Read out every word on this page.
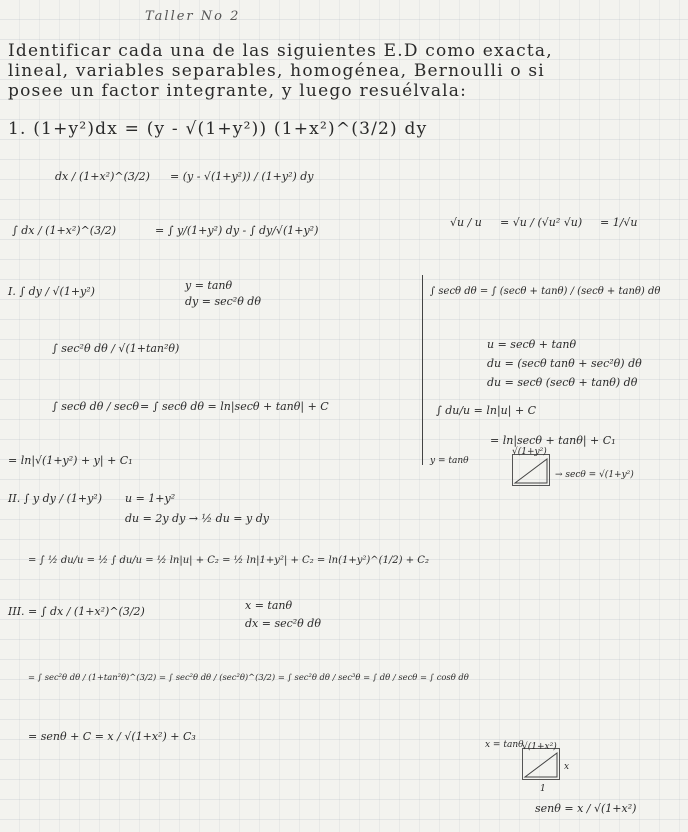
Taller No 2
Identificar cada una de las siguientes E.D como exacta,
lineal, variables separables, homogénea, Bernoulli o si
posee un factor integrante, y luego resuélvala:
1. (1+y²)dx = (y - √(1+y²)) (1+x²)^(3/2) dy
dx / (1+x²)^(3/2) = (y - √(1+y²)) / (1+y²) dy
∫ dx / (1+x²)^(3/2)	= ∫ y/(1+y²) dy - ∫ dy/√(1+y²)
√u / u = √u / (√u² √u) = 1/√u
I. ∫ dy / √(1+y²)	y = tanθ
dy = sec²θ dθ
∫ sec²θ dθ / √(1+tan²θ)
∫ secθ dθ / secθ = ∫ secθ dθ = ln|secθ + tanθ| + C
= ln|√(1+y²) + y| + C₁
∫ secθ dθ = ∫ (secθ + tanθ) / (secθ + tanθ) dθ
u = secθ + tanθ
du = (secθ tanθ + sec²θ) dθ
du = secθ (secθ + tanθ) dθ
∫ du/u = ln|u| + C
= ln|secθ + tanθ| + C₁
y = tanθ
√(1+y²)
→ secθ = √(1+y²)
II. ∫ y dy / (1+y²) u = 1+y²
du = 2y dy → ½ du = y dy
= ∫ ½ du/u = ½ ∫ du/u = ½ ln|u| + C₂ = ½ ln|1+y²| + C₂ = ln(1+y²)^(1/2) + C₂
III. = ∫ dx / (1+x²)^(3/2)	x = tanθ
dx = sec²θ dθ
= ∫ sec²θ dθ / (1+tan²θ)^(3/2) = ∫ sec²θ dθ / (sec²θ)^(3/2) = ∫ sec²θ dθ / sec³θ = ∫ dθ / secθ = ∫ cosθ dθ
= senθ + C = x / √(1+x²) + C₃
x = tanθ
√(1+x²)
x
1
senθ = x / √(1+x²)
